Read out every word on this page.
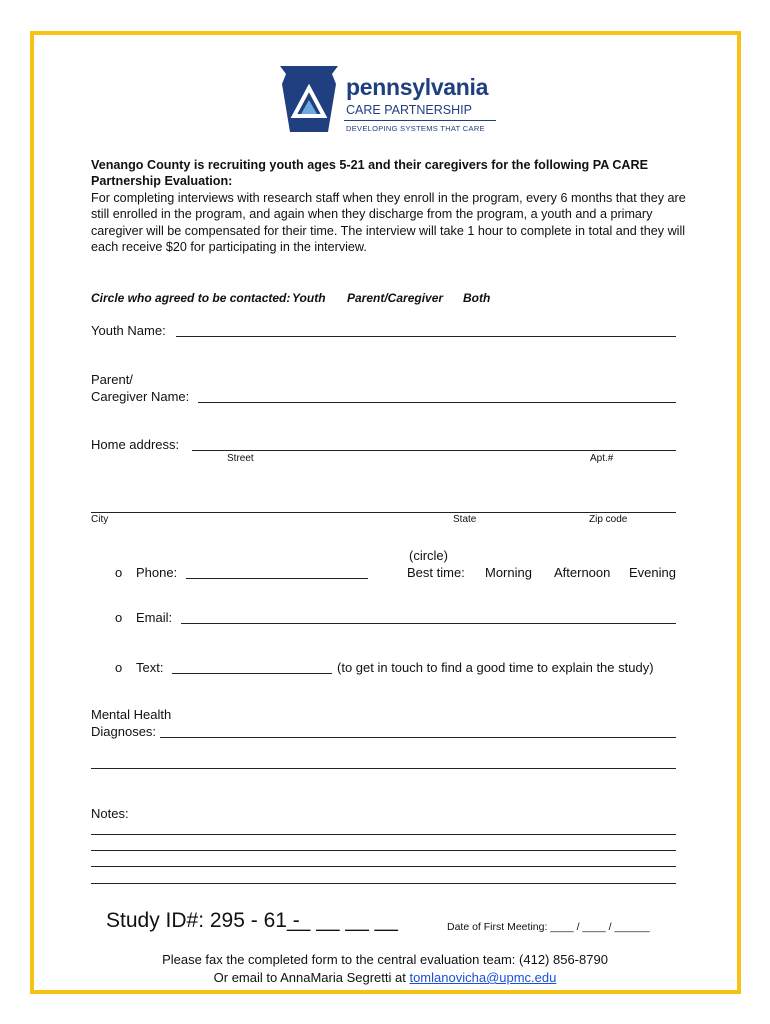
pennsylvania
CARE PARTNERSHIP
DEVELOPING SYSTEMS THAT CARE
Venango County is recruiting youth ages 5-21 and their caregivers for the following PA CARE Partnership Evaluation:
For completing interviews with research staff when they enroll in the program, every 6 months that they are still enrolled in the program, and again when they discharge from the program, a youth and a primary caregiver will be compensated for their time. The interview will take 1 hour to complete in total and they will each receive $20 for participating in the interview.
Circle who agreed to be contacted: Youth Parent/Caregiver Both
Youth Name:
Parent/
Caregiver Name:
Home address:
Street	Apt.#
City	State	Zip code
o Phone:
(circle)
Best time: Morning Afternoon Evening
o Email:
o Text:	(to get in touch to find a good time to explain the study)
Mental Health
Diagnoses:
Notes:
Study ID#: 295 - 61 -
__ __ __ __	Date of First Meeting: ____ / ____ / ______
Please fax the completed form to the central evaluation team: (412) 856-8790
Or email to AnnaMaria Segretti at tomlanovicha@upmc.edu
